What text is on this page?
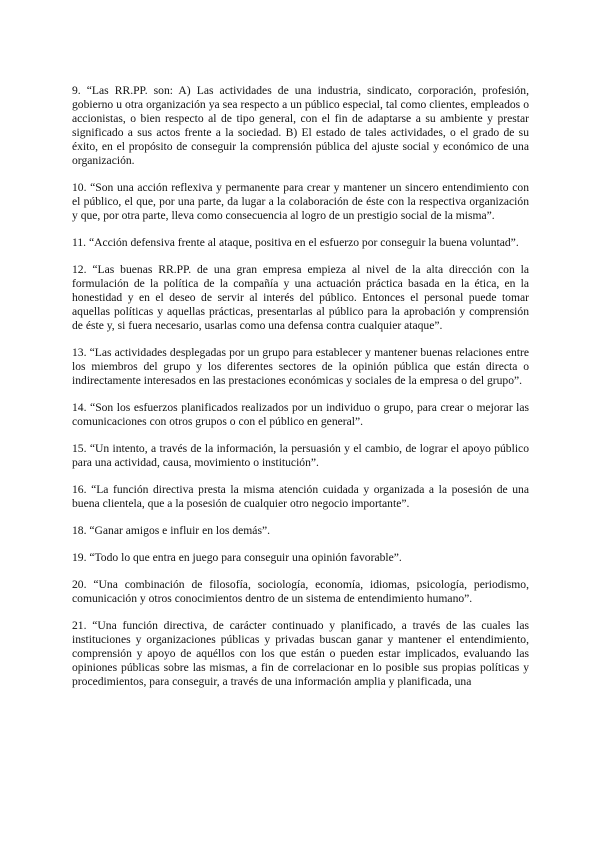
9. “Las RR.PP. son: A) Las actividades de una industria, sindicato, corporación, profesión, gobierno u otra organización ya sea respecto a un público especial, tal como clientes, empleados o accionistas, o bien respecto al de tipo general, con el fin de adaptarse a su ambiente y prestar significado a sus actos frente a la sociedad. B) El estado de tales actividades, o el grado de su éxito, en el propósito de conseguir la comprensión pública del ajuste social y económico de una organización.

10. “Son una acción reflexiva y permanente para crear y mantener un sincero entendimiento con el público, el que, por una parte, da lugar a la colaboración de éste con la respectiva organización y que, por otra parte, lleva como consecuencia al logro de un prestigio social de la misma”.

11. “Acción defensiva frente al ataque, positiva en el esfuerzo por conseguir la buena voluntad”.

12. “Las buenas RR.PP. de una gran empresa empieza al nivel de la alta dirección con la formulación de la política de la compañía y una actuación práctica basada en la ética, en la honestidad y en el deseo de servir al interés del público. Entonces el personal puede tomar aquellas políticas y aquellas prácticas, presentarlas al público para la aprobación y comprensión de éste y, si fuera necesario, usarlas como una defensa contra cualquier ataque”.

13. “Las actividades desplegadas por un grupo para establecer y mantener buenas relaciones entre los miembros del grupo y los diferentes sectores de la opinión pública que están directa o indirectamente interesados en las prestaciones económicas y sociales de la empresa o del grupo”.

14. “Son los esfuerzos planificados realizados por un individuo o grupo, para crear o mejorar las comunicaciones con otros grupos o con el público en general”.

15. “Un intento, a través de la información, la persuasión y el cambio, de lograr el apoyo público para una actividad, causa, movimiento o institución”.

16. “La función directiva presta la misma atención cuidada y organizada a la posesión de una buena clientela, que a la posesión de cualquier otro negocio importante”.

18. “Ganar amigos e influir en los demás”.

19. “Todo lo que entra en juego para conseguir una opinión favorable”.

20. “Una combinación de filosofía, sociología, economía, idiomas, psicología, periodismo, comunicación y otros conocimientos dentro de un sistema de entendimiento humano”.

21. “Una función directiva, de carácter continuado y planificado, a través de las cuales las instituciones y organizaciones públicas y privadas buscan ganar y mantener el entendimiento, comprensión y apoyo de aquéllos con los que están o pueden estar implicados, evaluando las opiniones públicas sobre las mismas, a fin de correlacionar en lo posible sus propias políticas y procedimientos, para conseguir, a través de una información amplia y planificada, una
